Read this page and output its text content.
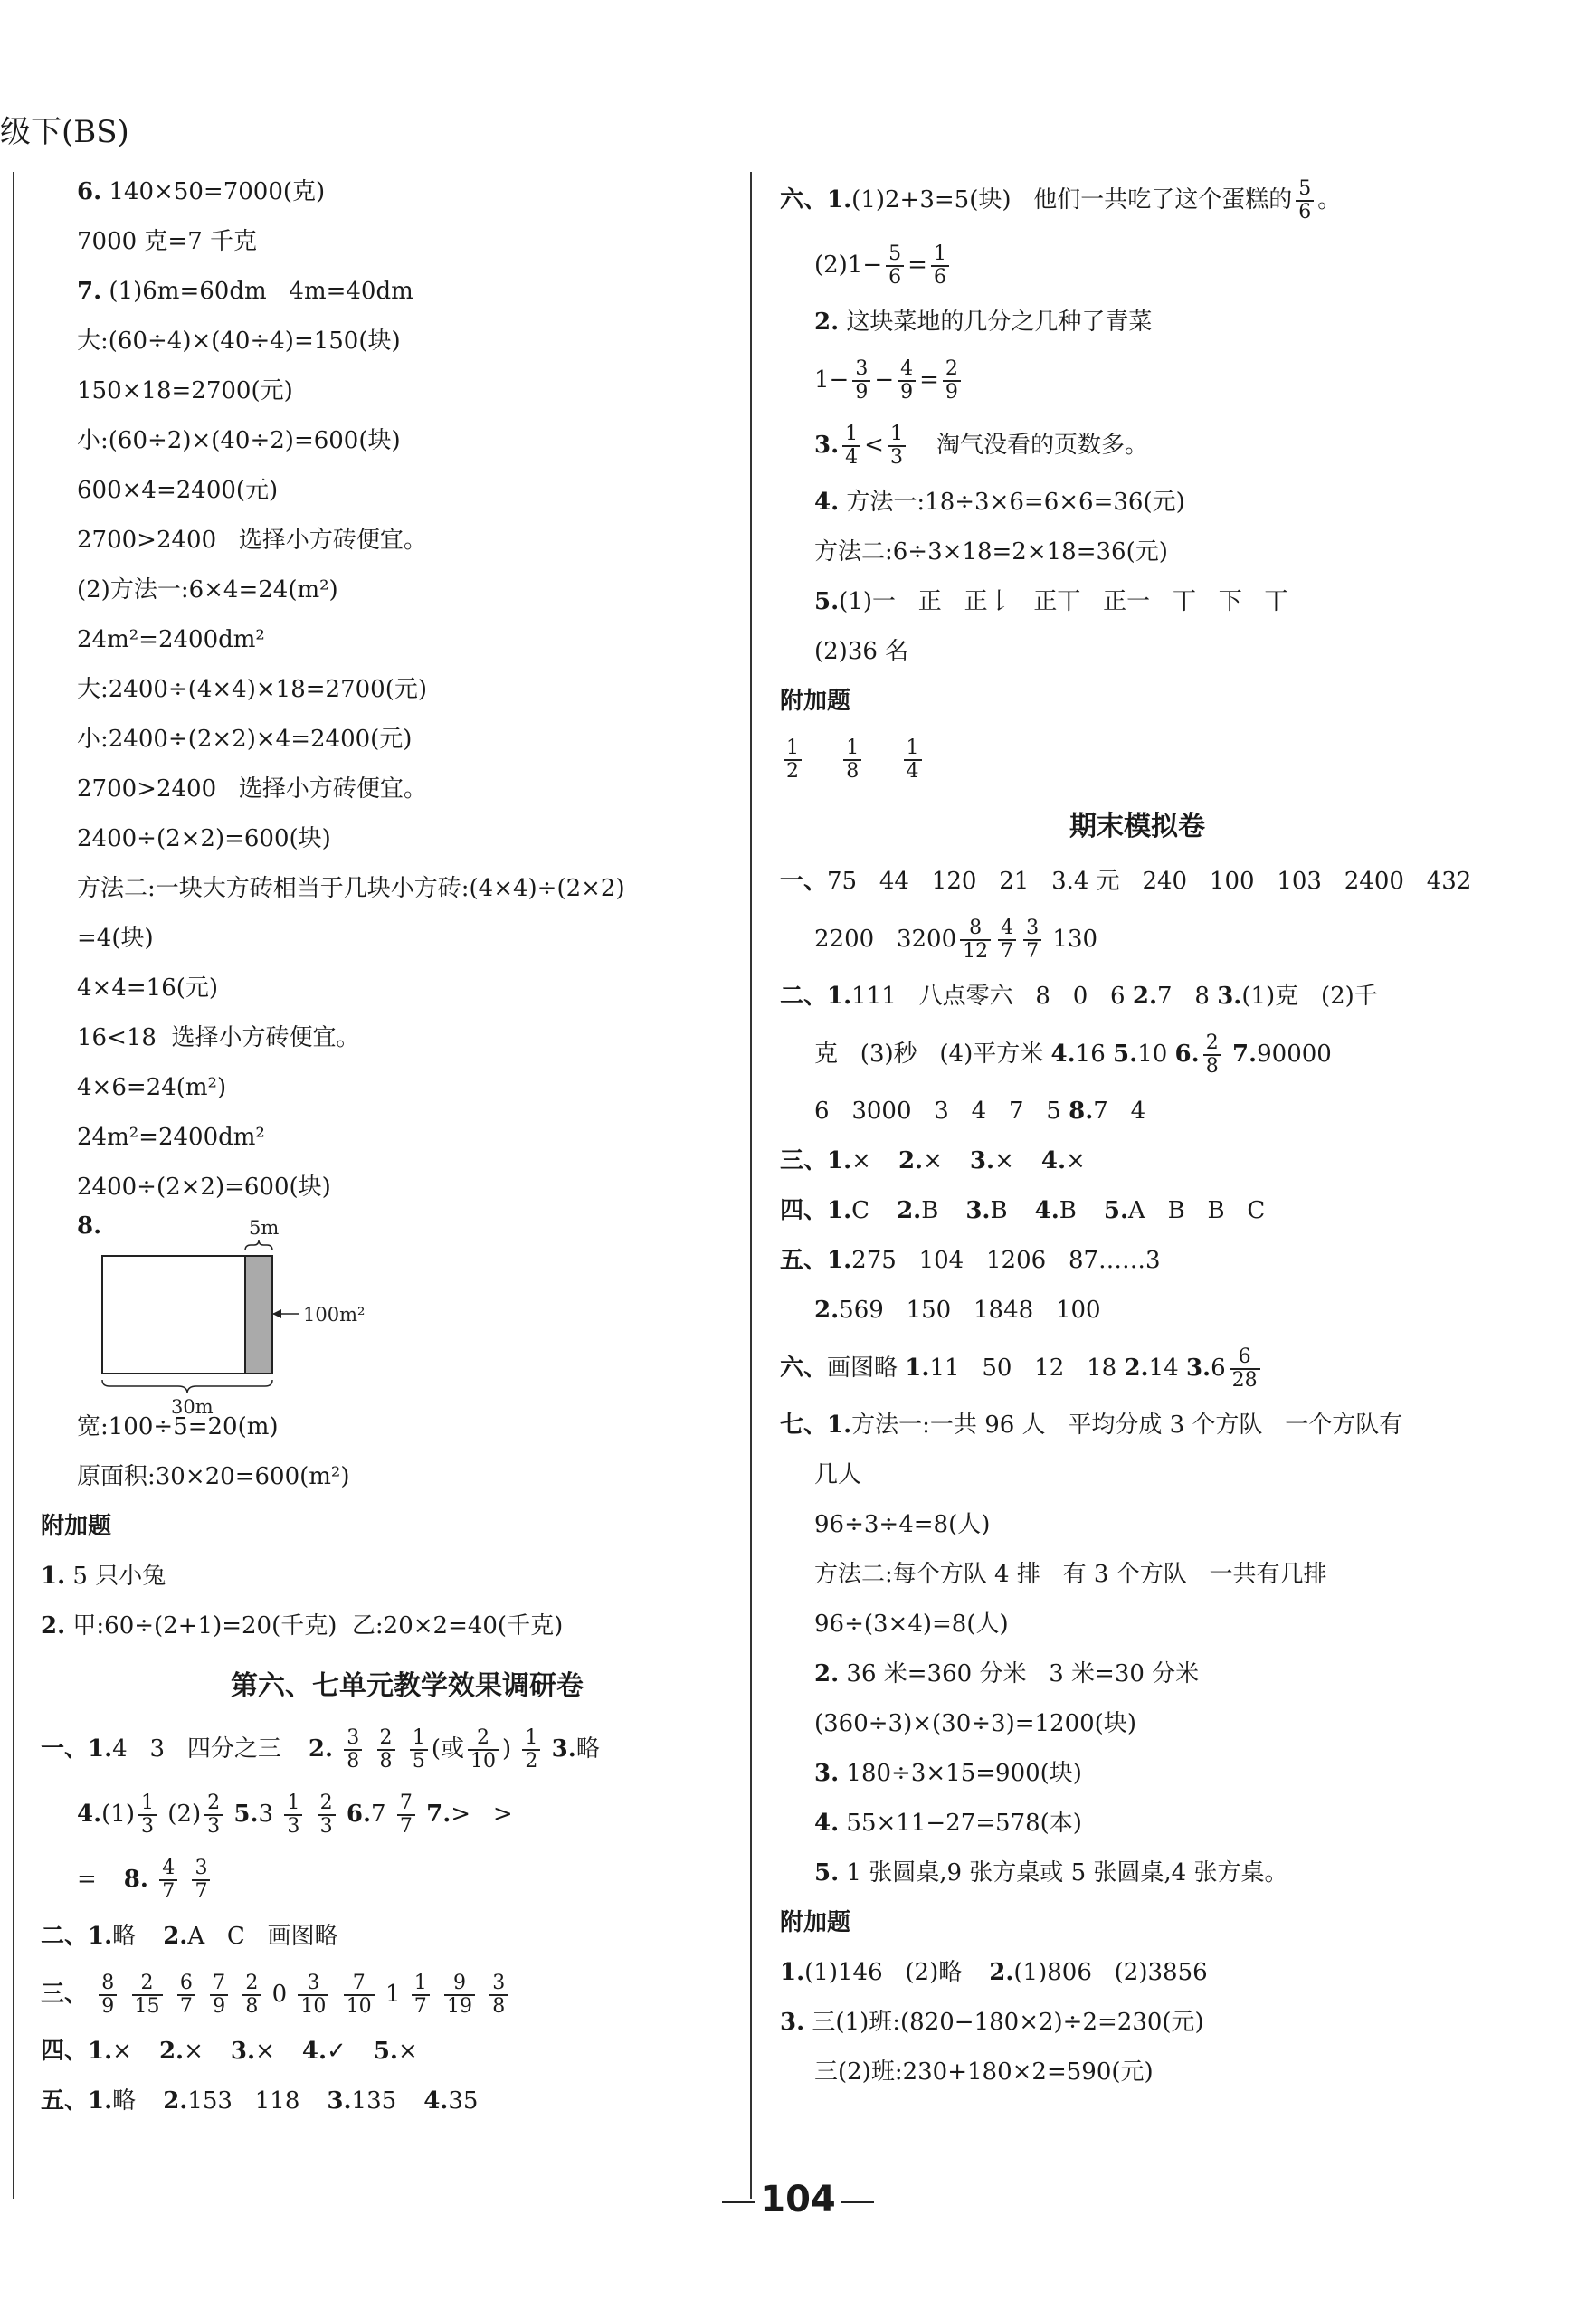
级下(BS)
6. 140×50=7000(克)
7000 克=7 千克
7. (1)6m=60dm   4m=40dm
大:(60÷4)×(40÷4)=150(块)
150×18=2700(元)
小:(60÷2)×(40÷2)=600(块)
600×4=2400(元)
2700>2400   选择小方砖便宜。
(2)方法一:6×4=24(m²)
24m²=2400dm²
大:2400÷(4×4)×18=2700(元)
小:2400÷(2×2)×4=2400(元)
2700>2400   选择小方砖便宜。
2400÷(2×2)=600(块)
方法二:一块大方砖相当于几块小方砖:(4×4)÷(2×2)
=4(块)
4×4=16(元)
16<18  选择小方砖便宜。
4×6=24(m²)
24m²=2400dm²
2400÷(2×2)=600(块)
8.	5m
100m²
30m
宽:100÷5=20(m)
原面积:30×20=600(m²)
附加题
1. 5 只小兔
2. 甲:60÷(2+1)=20(千克)  乙:20×2=40(千克)
第六、七单元教学效果调研卷
一、1.4   3   四分之三 2. $\frac{3}{8}$
$\frac{2}{8}$
$\frac{1}{5}$ (或 $\frac{2}{10}$ ) $\frac{1}{2} 3$.略
$4.(1) \frac{1}{3} (2) \frac{2}{3} 5.3 \frac{1}{3}$
$\frac{2}{3} 6.7 \frac{7}{7} 7.>$   >
= 8. $\frac{4}{7}$
$\frac{3}{7}$
二、1.略 2.A   C   画图略
三、 $\frac{8}{9}$
$\frac{2}{15}$
$\frac{6}{7}$
$\frac{7}{9}$
$\frac{2}{8} 0 \frac{3}{10}$
$\frac{7}{10} 1 \frac{1}{7}$
$\frac{9}{19}$
$\frac{3}{8}$
四、1.× 2.× 3.× 4.✓ 5.×
五、1.略 2.153   118 3.135 4.35
六、1.(1)2+3=5(块)   他们一共吃了这个蛋糕的 $\frac{5}{6}$ 。
$(2)1- \frac{5}{6} = \frac{1}{6}$
2. 这块菜地的几分之几种了青菜
$1- \frac{3}{9} - \frac{4}{9} = \frac{2}{9}$
3. $\frac{1}{4} < \frac{1}{3}$ 淘气没看的页数多。
4. 方法一:18÷3×6=6×6=36(元)
方法二:6÷3×18=2×18=36(元)
5.(1)一   正   正𠄌   正丅   正一   丅   下   丅
(2)36 名
附加题
$\frac{1}{2}$
$\frac{1}{8}$
$\frac{1}{4}$
期末模拟卷
一、75   44   120   21   3.4 元   240   100   103   2400   432
2200   $3200 \frac{8}{12} \frac{4}{7} \frac{3}{7} 130$
二、1.111   八点零六   8   0   6 2.7   8 3.(1)克   (2)千
克   (3)秒   (4)平方米 4.16 5.10 6. $\frac{2}{8} 7.90000$
6   3000   3   4   7   5 8.7   4
三、1.× 2.× 3.× 4.×
四、1.C 2.B 3.B 4.B 5.A   B   B   C
五、1.275   104   1206   87……3
2.569   150   1848   100
六、画图略 1.11   50   12   18 2.14 $3.6 \frac{6}{28}$
七、1.方法一:一共 96 人   平均分成 3 个方队   一个方队有
几人
96÷3÷4=8(人)
方法二:每个方队 4 排   有 3 个方队   一共有几排
96÷(3×4)=8(人)
2. 36 米=360 分米   3 米=30 分米
(360÷3)×(30÷3)=1200(块)
3. 180÷3×15=900(块)
4. 55×11−27=578(本)
5. 1 张圆桌,9 张方桌或 5 张圆桌,4 张方桌。
附加题
1.(1)146   (2)略 2.(1)806   (2)3856
3. 三(1)班:(820−180×2)÷2=230(元)
三(2)班:230+180×2=590(元)
104
